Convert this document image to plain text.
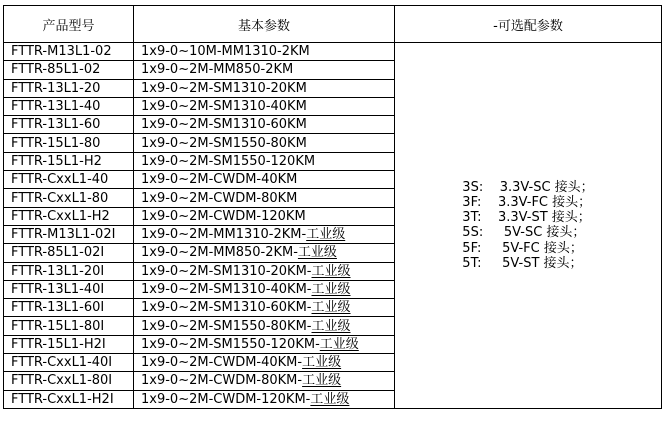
产品型号	基本参数	-可选配参数
FTTR-M13L1-02	1x9-0~10M-MM1310-2KM	
3S:    3.3V-SC 接头；
3F:    3.3V-FC 接头；
3T:    3.3V-ST 接头；
5S:     5V-SC 接头；
5F:     5V-FC 接头；
5T:     5V-ST 接头；

FTTR-85L1-02	1x9-0~2M-MM850-2KM	
FTTR-13L1-20	1x9-0~2M-SM1310-20KM	
FTTR-13L1-40	1x9-0~2M-SM1310-40KM	
FTTR-13L1-60	1x9-0~2M-SM1310-60KM	
FTTR-15L1-80	1x9-0~2M-SM1550-80KM	
FTTR-15L1-H2	1x9-0~2M-SM1550-120KM	
FTTR-CxxL1-40	1x9-0~2M-CWDM-40KM	
FTTR-CxxL1-80	1x9-0~2M-CWDM-80KM	
FTTR-CxxL1-H2	1x9-0~2M-CWDM-120KM	
FTTR-M13L1-02I	1x9-0~2M-MM1310-2KM-工业级	
FTTR-85L1-02I	1x9-0~2M-MM850-2KM-工业级	
FTTR-13L1-20I	1x9-0~2M-SM1310-20KM-工业级	
FTTR-13L1-40I	1x9-0~2M-SM1310-40KM-工业级	
FTTR-13L1-60I	1x9-0~2M-SM1310-60KM-工业级	
FTTR-15L1-80I	1x9-0~2M-SM1550-80KM-工业级	
FTTR-15L1-H2I	1x9-0~2M-SM1550-120KM-工业级	
FTTR-CxxL1-40I	1x9-0~2M-CWDM-40KM-工业级	
FTTR-CxxL1-80I	1x9-0~2M-CWDM-80KM-工业级	
FTTR-CxxL1-H2I	1x9-0~2M-CWDM-120KM-工业级	
